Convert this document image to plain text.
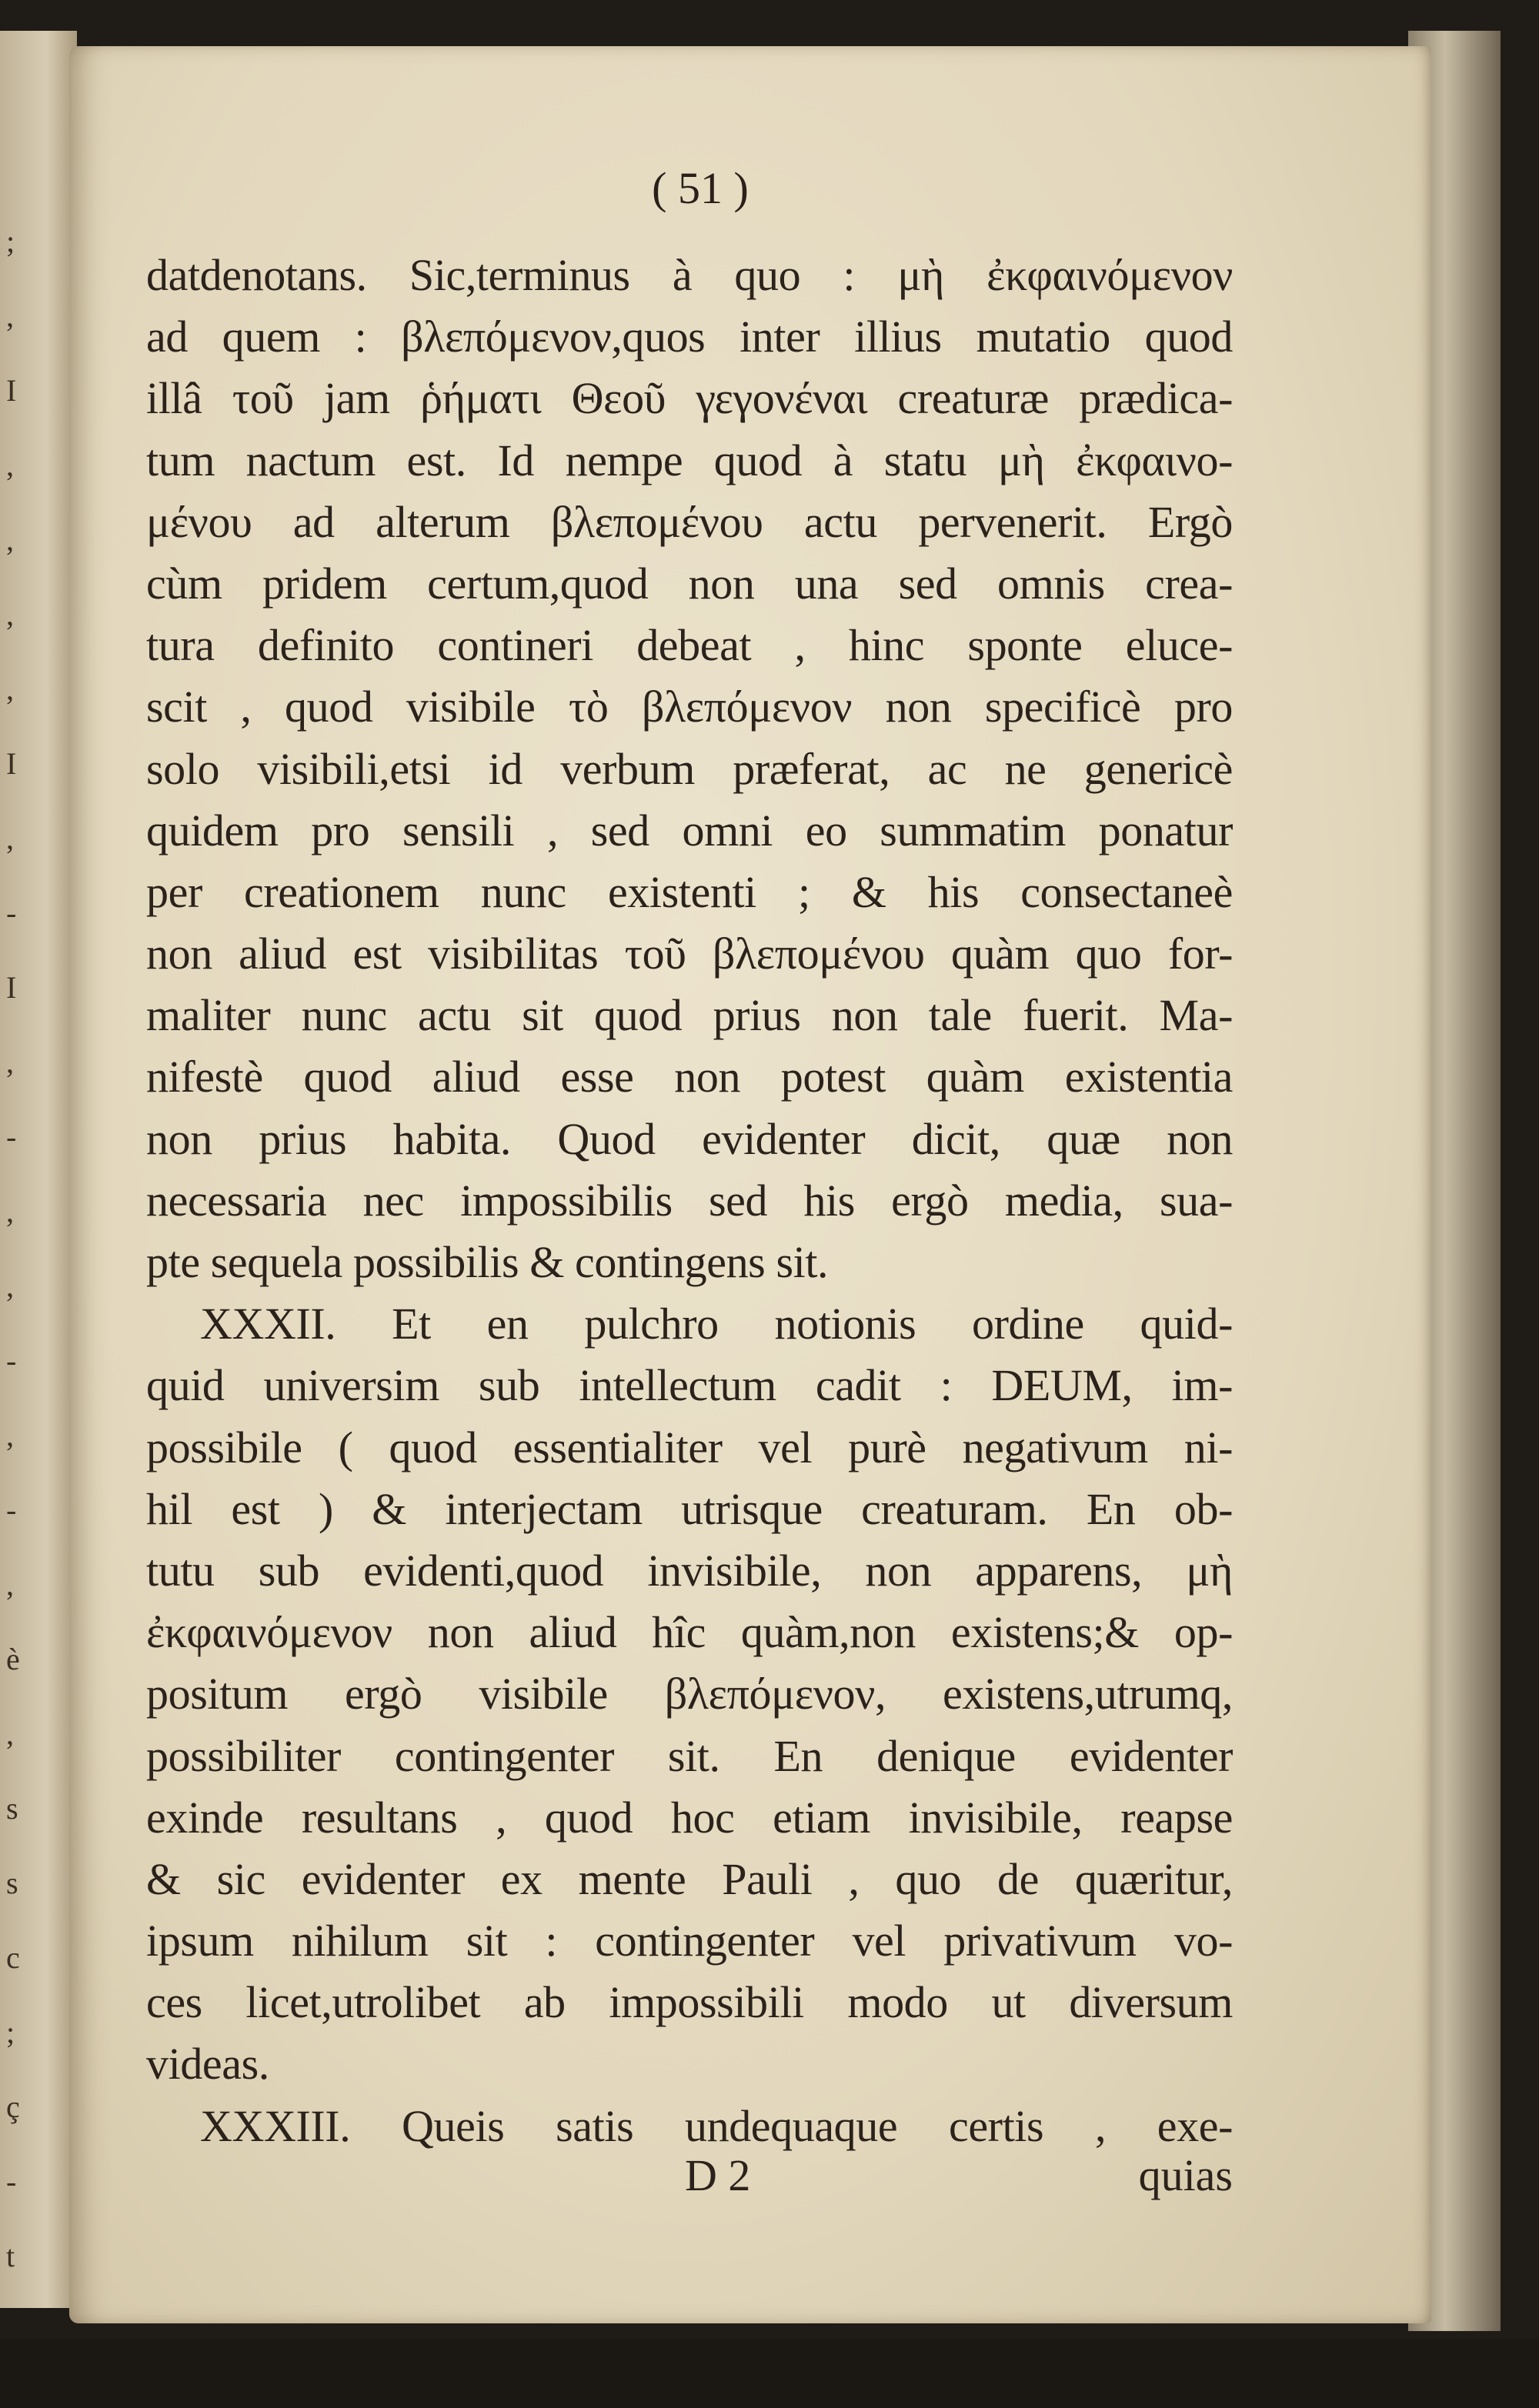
;
,
I
,
,
,
,
I
,
-
I
,
-
,
,
-
,
-
,
è
,
s
s
c
;
ç
-
t
( 51 )
datdenotans. Sic,terminus à quo : μὴ ἐκφαινόμενον
ad quem : βλεπόμενον,quos inter illius mutatio quod
illâ τοῦ jam ῥήματι Θεοῦ γεγονέναι creaturæ prædica-
tum nactum est. Id nempe quod à statu μὴ ἐκφαινο-
μένου ad alterum βλεπομένου actu pervenerit. Ergò
cùm pridem certum,quod non una sed omnis crea-
tura definito contineri debeat , hinc sponte eluce-
scit , quod visibile τὸ βλεπόμενον non specificè pro
solo visibili,etsi id verbum præferat, ac ne genericè
quidem pro sensili , sed omni eo summatim ponatur
per creationem nunc existenti ; & his consectaneè
non aliud est visibilitas τοῦ βλεπομένου quàm quo for-
maliter nunc actu sit quod prius non tale fuerit. Ma-
nifestè quod aliud esse non potest quàm existentia
non prius habita. Quod evidenter dicit, quæ non
necessaria nec impossibilis sed his ergò media, sua-
pte sequela possibilis & contingens sit.
XXXII. Et en pulchro notionis ordine quid-
quid universim sub intellectum cadit : DEUM, im-
possibile ( quod essentialiter vel purè negativum ni-
hil est ) & interjectam utrisque creaturam. En ob-
tutu sub evidenti,quod invisibile, non apparens, μὴ
ἐκφαινόμενον non aliud hîc quàm,non existens;& op-
positum ergò visibile βλεπόμενον, existens,utrumq,
possibiliter contingenter sit. En denique evidenter
exinde resultans , quod hoc etiam invisibile, reapse
& sic evidenter ex mente Pauli , quo de quæritur,
ipsum nihilum sit : contingenter vel privativum vo-
ces licet,utrolibet ab impossibili modo ut diversum
videas.
XXXIII. Queis satis undequaque certis , exe-
D 2	quias
